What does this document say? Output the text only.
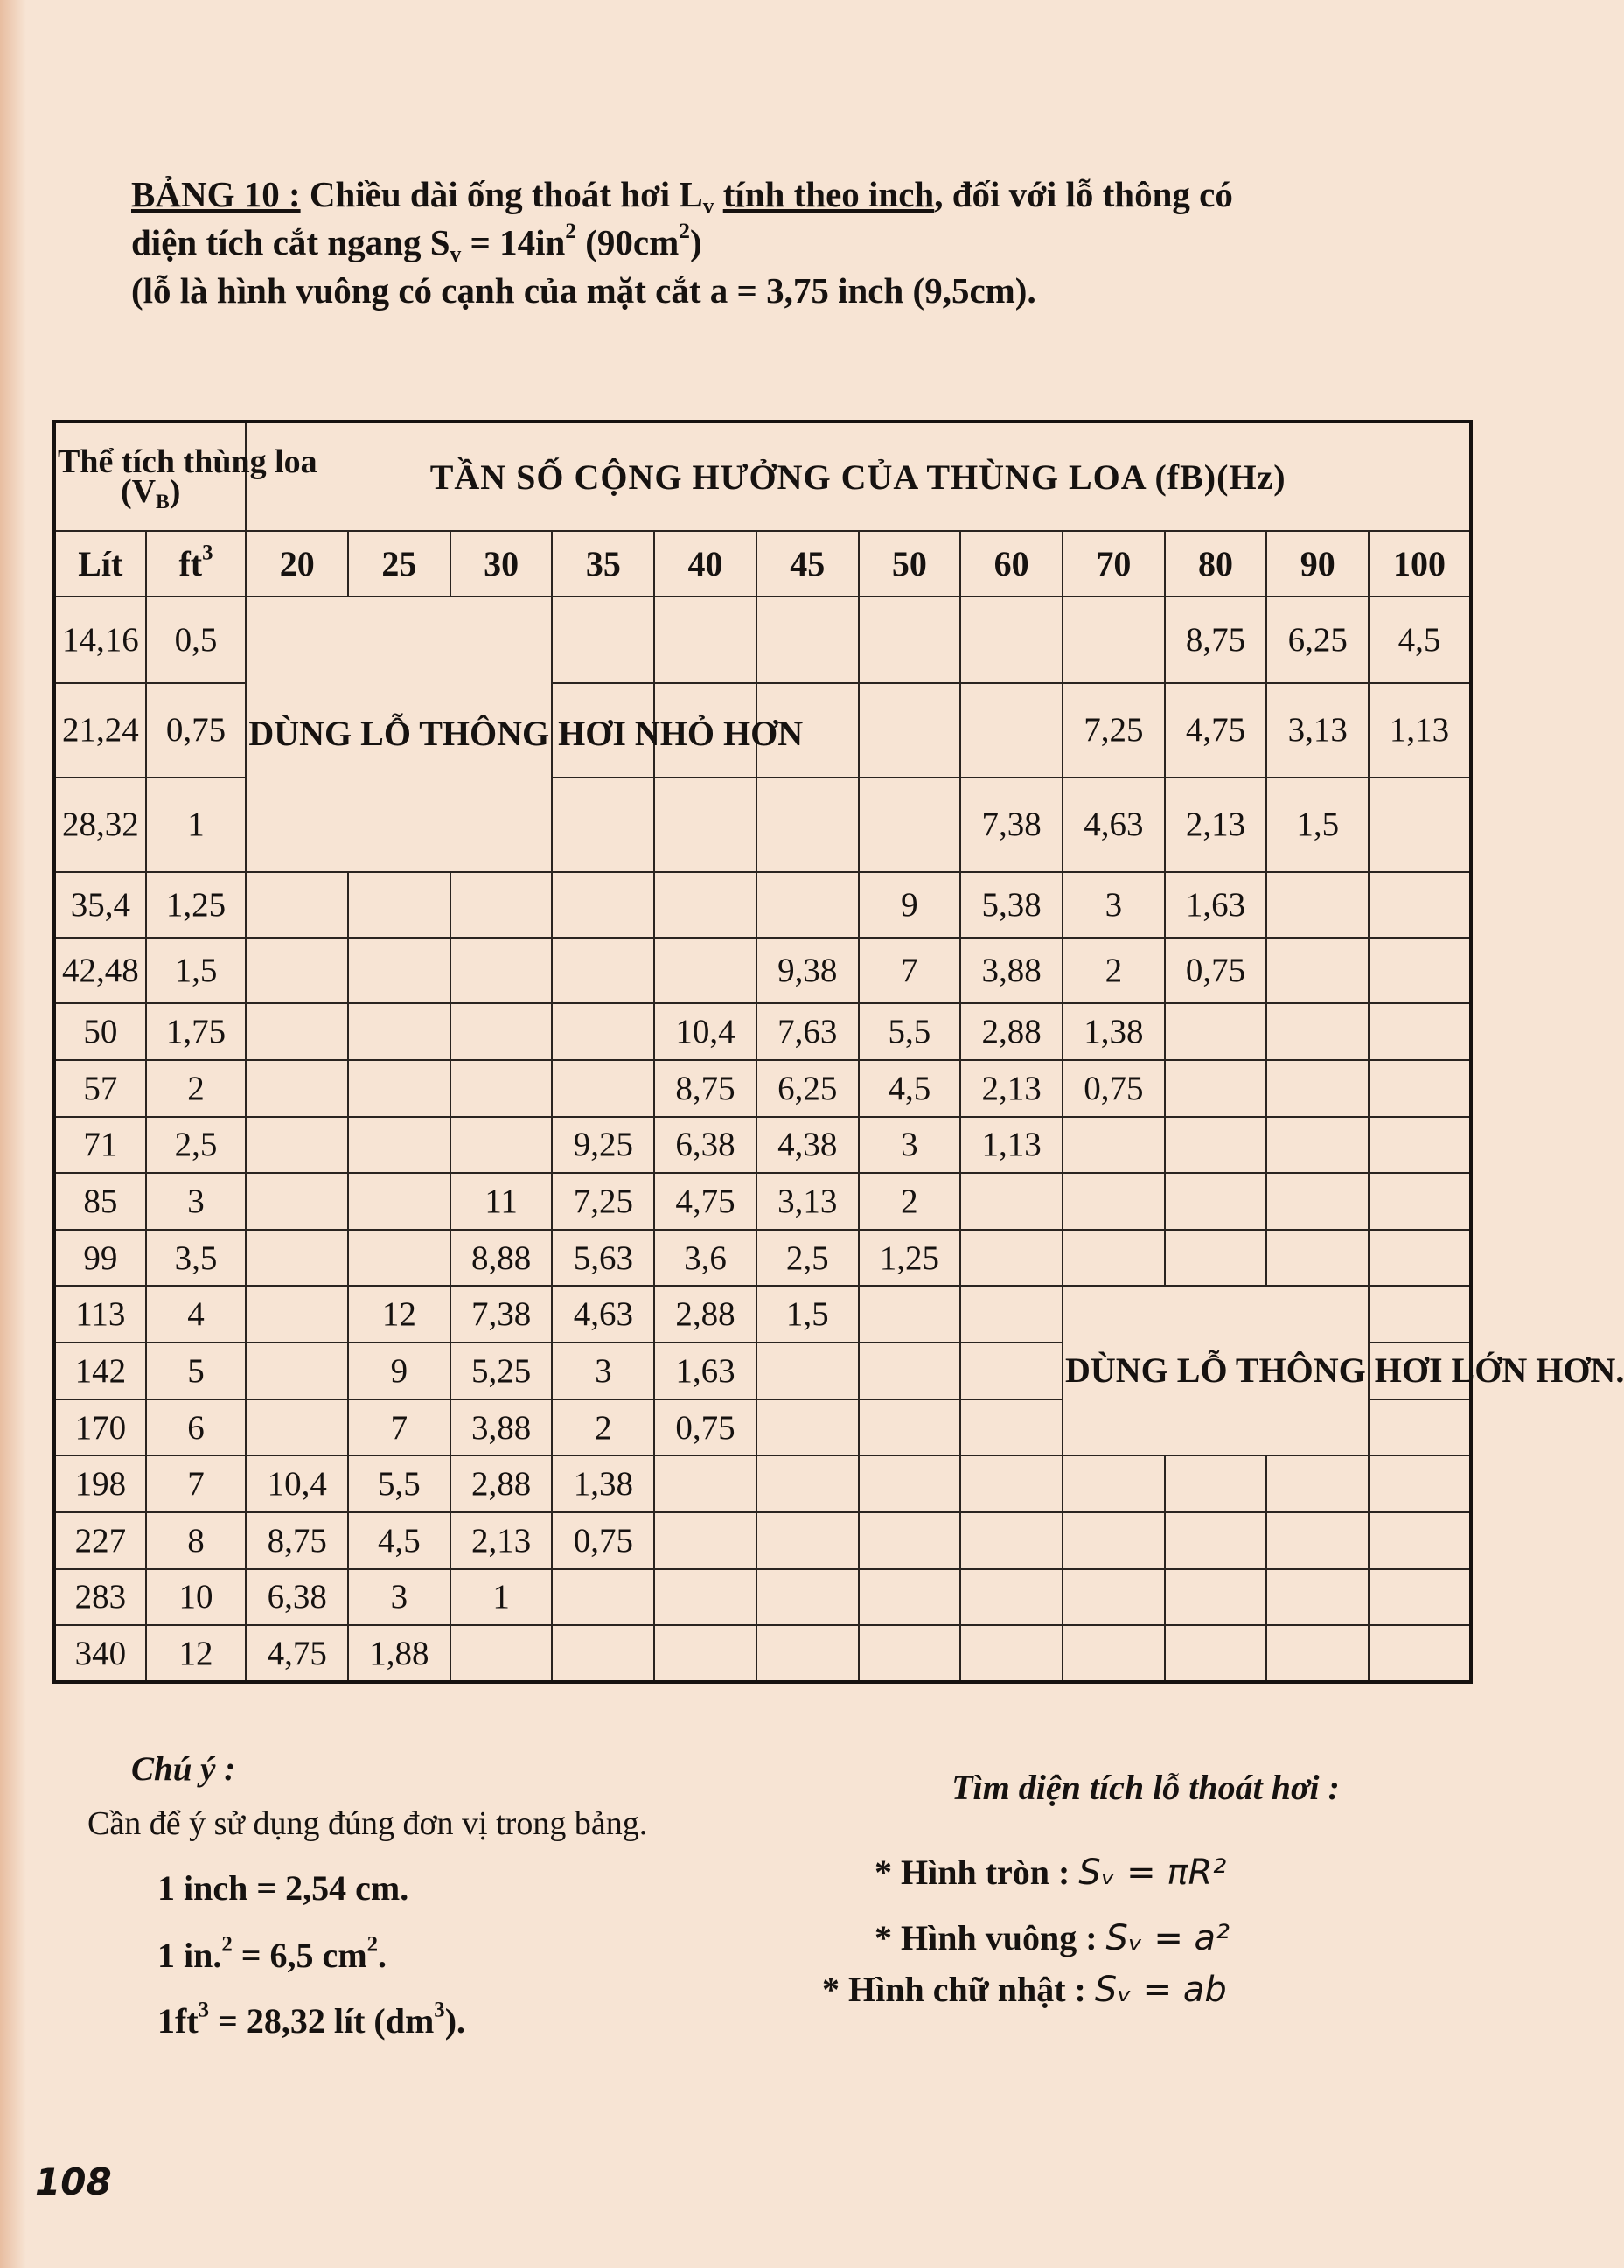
BẢNG 10 : Chiều dài ống thoát hơi $L_v$ tính theo inch, đối với lỗ thông có
diện tích cắt ngang $S_v = 14in^2$ $(90cm^2)$
(lỗ là hình vuông có cạnh của mặt cắt a = 3,75 inch (9,5cm).
Thể tích thùng loa
$(V_B)$		TẦN SỐ CỘNG HƯỞNG CỦA THÙNG LOA (fB)(Hz)											
Lít	$ft^3$	20	25	30	35	40	45	50	60	70	80	90	100
14,16	0,5	DÙNG LỖ THÔNG HƠI NHỎ HƠN									8,75	6,25	4,5
21,24	0,75									7,25	4,75	3,13	1,13
28,32	1								7,38	4,63	2,13	1,5	
35,4	1,25							9	5,38	3	1,63		
42,48	1,5						9,38	7	3,88	2	0,75		
50	1,75					10,4	7,63	5,5	2,88	1,38			
57	2					8,75	6,25	4,5	2,13	0,75			
71	2,5				9,25	6,38	4,38	3	1,13				
85	3			11	7,25	4,75	3,13	2					
99	3,5			8,88	5,63	3,6	2,5	1,25					
113	4		12	7,38	4,63	2,88	1,5			DÙNG LỖ THÔNG HƠI LỚN HƠN.			
142	5		9	5,25	3	1,63							
170	6		7	3,88	2	0,75							
198	7	10,4	5,5	2,88	1,38								
227	8	8,75	4,5	2,13	0,75								
283	10	6,38	3	1									
340	12	4,75	1,88										
Chú ý :
Cần để ý sử dụng đúng đơn vị trong bảng.
1 inch = 2,54 cm.
1 in.$^2$ = 6,5 $cm^2$.
$1ft^3 = 28,32$ lít $(dm^3)$.
Tìm diện tích lỗ thoát hơi :
* Hình tròn : Sᵥ = πR²
* Hình vuông : Sᵥ = a²
* Hình chữ nhật : Sᵥ = ab
108
